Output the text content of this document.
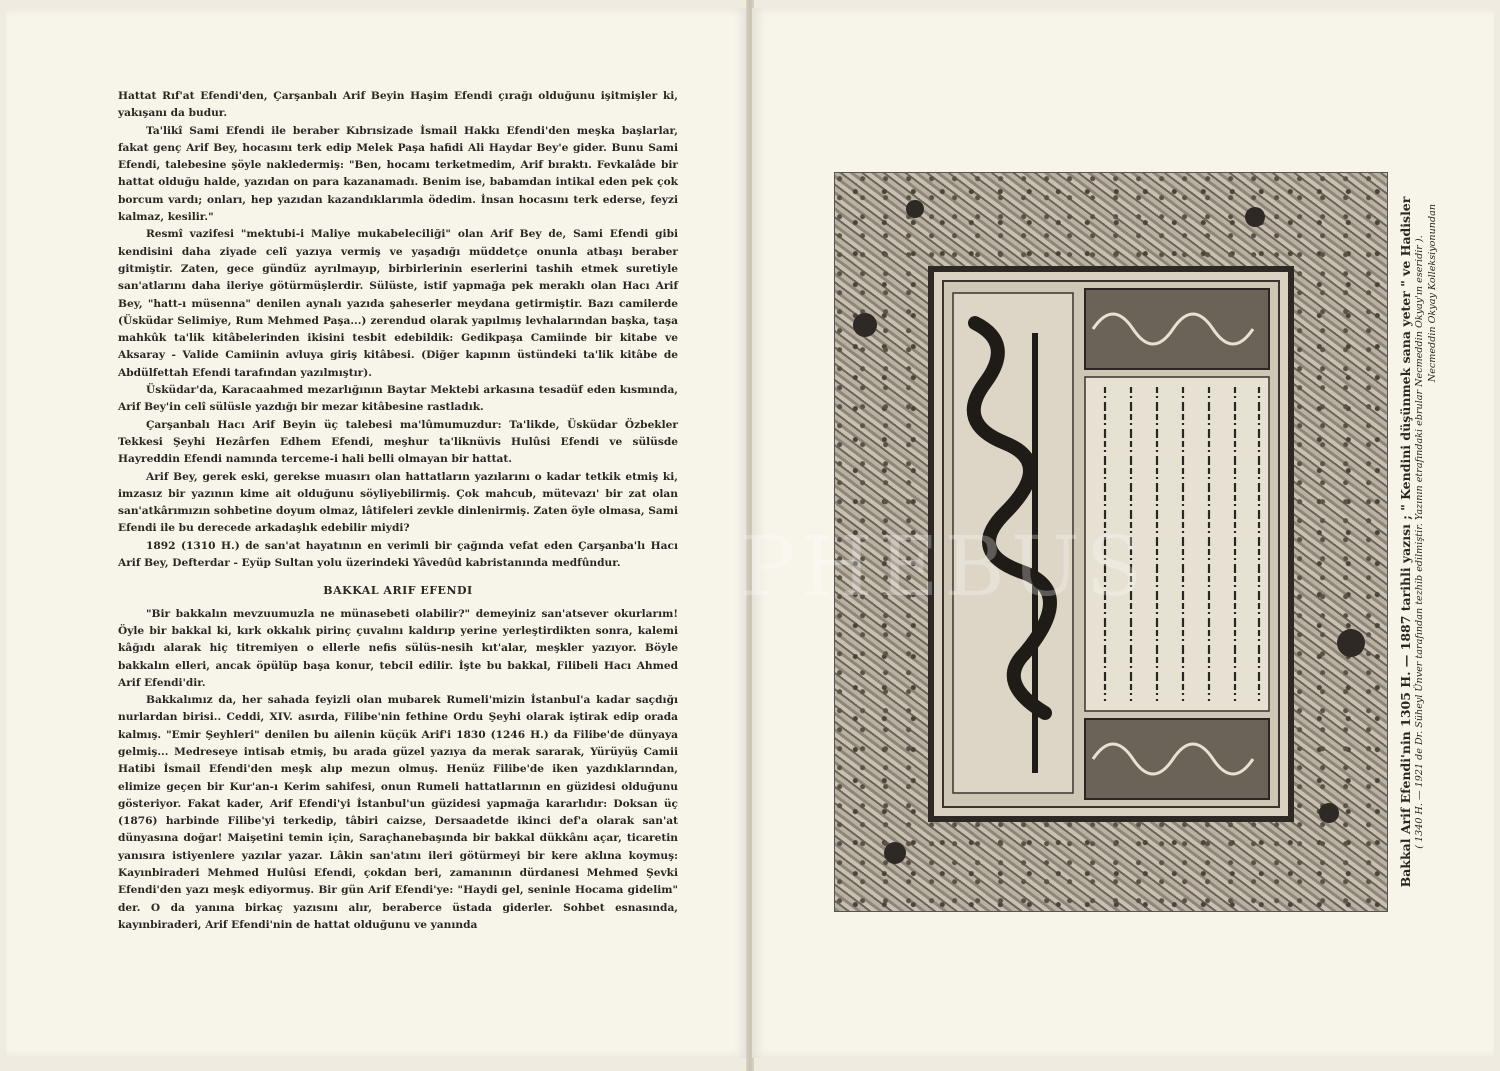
Hattat Rıf'at Efendi'den, Çarşanbalı Arif Beyin Haşim Efendi çırağı olduğunu işitmişler ki, yakışanı da budur.

Ta'likî Sami Efendi ile beraber Kıbrısizade İsmail Hakkı Efendi'den meşka başlarlar, fakat genç Arif Bey, hocasını terk edip Melek Paşa hafidi Ali Haydar Bey'e gider. Bunu Sami Efendi, talebesine şöyle nakledermiş: "Ben, hocamı terketmedim, Arif bıraktı. Fevkalâde bir hattat olduğu halde, yazıdan on para kazanamadı. Benim ise, babamdan intikal eden pek çok borcum vardı; onları, hep yazıdan kazandıklarımla ödedim. İnsan hocasını terk ederse, feyzi kalmaz, kesilir."

Resmî vazifesi "mektubi-i Maliye mukabeleciliği" olan Arif Bey de, Sami Efendi gibi kendisini daha ziyade celî yazıya vermiş ve yaşadığı müddetçe onunla atbaşı beraber gitmiştir. Zaten, gece gündüz ayrılmayıp, birbirlerinin eserlerini tashih etmek suretiyle san'atlarını daha ileriye götürmüşlerdir. Sülüste, istif yapmağa pek meraklı olan Hacı Arif Bey, "hatt-ı müsenna" denilen aynalı yazıda şaheserler meydana getirmiştir. Bazı camilerde (Üsküdar Selimiye, Rum Mehmed Paşa...) zerendud olarak yapılmış levhalarından başka, taşa mahkûk ta'lik kitâbelerinden ikisini tesbit edebildik: Gedikpaşa Camiinde bir kitabe ve Aksaray - Valide Camiinin avluya giriş kitâbesi. (Diğer kapının üstündeki ta'lik kitâbe de Abdülfettah Efendi tarafından yazılmıştır).

Üsküdar'da, Karacaahmed mezarlığının Baytar Mektebi arkasına tesadüf eden kısmında, Arif Bey'in celî sülüsle yazdığı bir mezar kitâbesine rastladık.

Çarşanbalı Hacı Arif Beyin üç talebesi ma'lûmumuzdur: Ta'likde, Üsküdar Özbekler Tekkesi Şeyhi Hezârfen Edhem Efendi, meşhur ta'liknüvis Hulûsi Efendi ve sülüsde Hayreddin Efendi namında terceme-i hali belli olmayan bir hattat.

Arif Bey, gerek eski, gerekse muasırı olan hattatların yazılarını o kadar tetkik etmiş ki, imzasız bir yazının kime ait olduğunu söyliyebilirmiş. Çok mahcub, mütevazı' bir zat olan san'atkârımızın sohbetine doyum olmaz, lâtifeleri zevkle dinlenirmiş. Zaten öyle olmasa, Sami Efendi ile bu derecede arkadaşlık edebilir miydi?

1892 (1310 H.) de san'at hayatının en verimli bir çağında vefat eden Çarşanba'lı Hacı Arif Bey, Defterdar - Eyüp Sultan yolu üzerindeki Yâvedûd kabristanında medfûndur.

BAKKAL ARIF EFENDI

"Bir bakkalın mevzuumuzla ne münasebeti olabilir?" demeyiniz san'atsever okurlarım! Öyle bir bakkal ki, kırk okkalık pirinç çuvalını kaldırıp yerine yerleştirdikten sonra, kalemi kâğıdı alarak hiç titremiyen o ellerle nefis sülüs-nesih kıt'alar, meşkler yazıyor. Böyle bakkalın elleri, ancak öpülüp başa konur, tebcil edilir. İşte bu bakkal, Filibeli Hacı Ahmed Arif Efendi'dir.

Bakkalımız da, her sahada feyizli olan mubarek Rumeli'mizin İstanbul'a kadar saçdığı nurlardan birisi.. Ceddi, XIV. asırda, Filibe'nin fethine Ordu Şeyhi olarak iştirak edip orada kalmış. "Emir Şeyhleri" denilen bu ailenin küçük Arif'i 1830 (1246 H.) da Filibe'de dünyaya gelmiş... Medreseye intisab etmiş, bu arada güzel yazıya da merak sararak, Yürüyüş Camii Hatibi İsmail Efendi'den meşk alıp mezun olmuş. Henüz Filibe'de iken yazdıklarından, elimize geçen bir Kur'an-ı Kerim sahifesi, onun Rumeli hattatlarının en güzidesi olduğunu gösteriyor. Fakat kader, Arif Efendi'yi İstanbul'un güzidesi yapmağa kararlıdır: Doksan üç (1876) harbinde Filibe'yi terkedip, tâbiri caizse, Dersaadetde ikinci def'a olarak san'at dünyasına doğar! Maişetini temin için, Saraçhanebaşında bir bakkal dükkânı açar, ticaretin yanısıra istiyenlere yazılar yazar. Lâkin san'atını ileri götürmeyi bir kere aklına koymuş: Kayınbiraderi Mehmed Hulûsi Efendi, çokdan beri, zamanının dürdanesi Mehmed Şevki Efendi'den yazı meşk ediyormuş. Bir gün Arif Efendi'ye: "Haydi gel, seninle Hocama gidelim" der. O da yanına birkaç yazısını alır, beraberce üstada giderler. Sohbet esnasında, kayınbiraderi, Arif Efendi'nin de hattat olduğunu ve yanında

Bakkal Arif Efendi'nin 1305 H. — 1887 tarihli yazısı ; " Kendini düşünmek sana yeter " ve Hadisler ( 1340 H. — 1921 de Dr. Süheyl Ünver tarafından tezhib edilmiştir. Yazının etrafındaki ebrular Necmeddin Okyay'ın eseridir ). Necmeddin Okyay Kolleksiyonundan
PHEBUS
